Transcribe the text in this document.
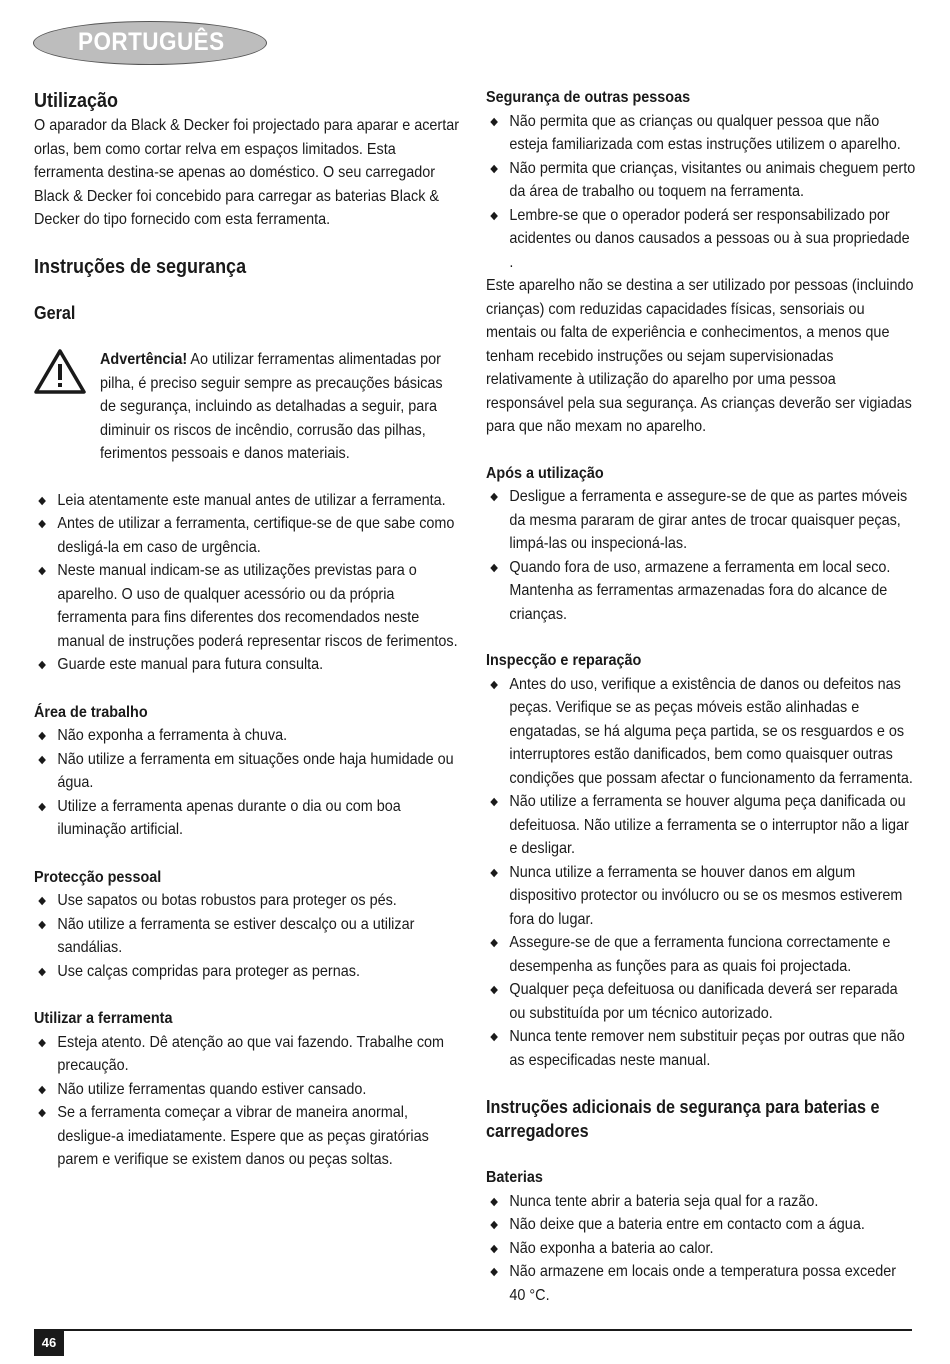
PORTUGUÊS
Utilização

O aparador da Black & Decker foi projectado para aparar e acertar orlas, bem como cortar relva em espaços limitados. Esta ferramenta destina-se apenas ao doméstico. O seu carregador Black & Decker foi concebido para carregar as baterias Black & Decker do tipo fornecido com esta ferramenta.

Instruções de segurança
Geral

Advertência! Ao utilizar ferramentas alimentadas por pilha, é preciso seguir sempre as precauções básicas de segurança, incluindo as detalhadas a seguir, para diminuir os riscos de incêndio, corrusão das pilhas, ferimentos pessoais e danos materiais.

Leia atentamente este manual antes de utilizar a ferramenta.
Antes de utilizar a ferramenta, certifique-se de que sabe como desligá-la em caso de urgência.
Neste manual indicam-se as utilizações previstas para o aparelho. O uso de qualquer acessório ou da própria ferramenta para fins diferentes dos recomendados neste manual de instruções poderá representar riscos de ferimentos.
Guarde este manual para futura consulta.
Área de trabalho
Não exponha a ferramenta à chuva.
Não utilize a ferramenta em situações onde haja humidade ou água.
Utilize a ferramenta apenas durante o dia ou com boa iluminação artificial.
Protecção pessoal
Use sapatos ou botas robustos para proteger os pés.
Não utilize a ferramenta se estiver descalço ou a utilizar sandálias.
Use calças compridas para proteger as pernas.
Utilizar a ferramenta
Esteja atento. Dê atenção ao que vai fazendo. Trabalhe com precaução.
Não utilize ferramentas quando estiver cansado.
Se a ferramenta começar a vibrar de maneira anormal, desligue-a imediatamente. Espere que as peças giratórias parem e verifique se existem danos ou peças soltas.
Segurança de outras pessoas
Não permita que as crianças ou qualquer pessoa que não esteja familiarizada com estas instruções utilizem o aparelho.
Não permita que crianças, visitantes ou animais cheguem perto da área de trabalho ou toquem na ferramenta.
Lembre-se que o operador poderá ser responsabilizado por acidentes ou danos causados a pessoas ou à sua propriedade .

Este aparelho não se destina a ser utilizado por pessoas (incluindo crianças) com reduzidas capacidades físicas, sensoriais ou mentais ou falta de experiência e conhecimentos, a menos que tenham recebido instruções ou sejam supervisionadas relativamente à utilização do aparelho por uma pessoa responsável pela sua segurança. As crianças deverão ser vigiadas para que não mexam no aparelho.

Após a utilização
Desligue a ferramenta e assegure-se de que as partes móveis da mesma pararam de girar antes de trocar quaisquer peças, limpá-las ou inspecioná-las.
Quando fora de uso, armazene a ferramenta em local seco. Mantenha as ferramentas armazenadas fora do alcance de crianças.
Inspecção e reparação
Antes do uso, verifique a existência de danos ou defeitos nas peças. Verifique se as peças móveis estão alinhadas e engatadas, se há alguma peça partida, se os resguardos e os interruptores estão danificados, bem como quaisquer outras condições que possam afectar o funcionamento da ferramenta.
Não utilize a ferramenta se houver alguma peça danificada ou defeituosa. Não utilize a ferramenta se o interruptor não a ligar e desligar.
Nunca utilize a ferramenta se houver danos em algum dispositivo protector ou invólucro ou se os mesmos estiverem fora do lugar.
Assegure-se de que a ferramenta funciona correctamente e desempenha as funções para as quais foi projectada.
Qualquer peça defeituosa ou danificada deverá ser reparada ou substituída por um técnico autorizado.
Nunca tente remover nem substituir peças por outras que não as especificadas neste manual.
Instruções adicionais de segurança para baterias e carregadores
Baterias
Nunca tente abrir a bateria seja qual for a razão.
Não deixe que a bateria entre em contacto com a água.
Não exponha a bateria ao calor.
Não armazene em locais onde a temperatura possa exceder 40 °C.
46
